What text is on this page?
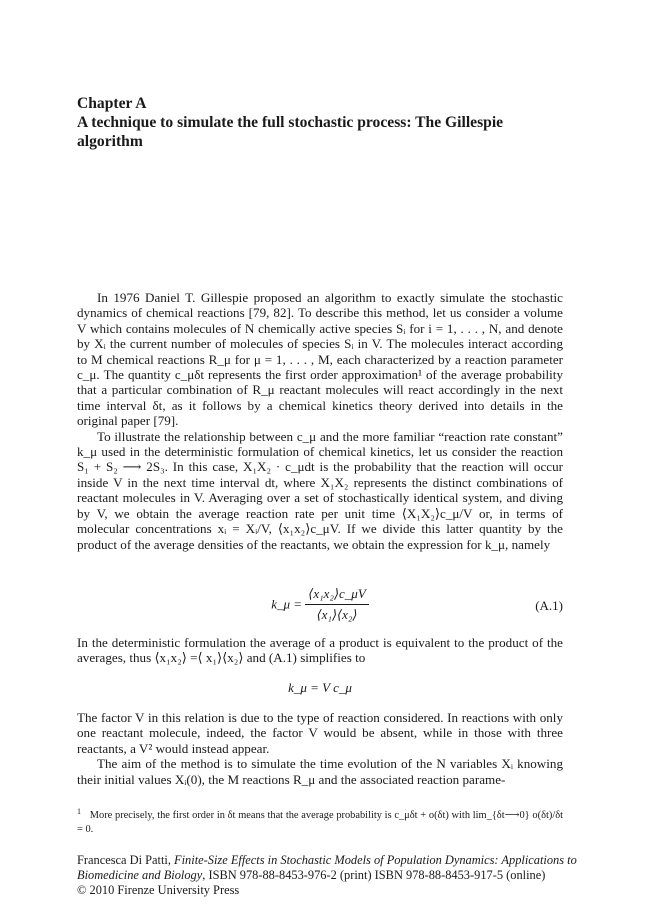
Chapter A
A technique to simulate the full stochastic process: The Gillespie
algorithm

In 1976 Daniel T. Gillespie proposed an algorithm to exactly simulate the stochastic dynamics of chemical reactions [79, 82]. To describe this method, let us consider a volume V which contains molecules of N chemically active species Sᵢ for i = 1, . . . , N, and denote by Xᵢ the current number of molecules of species Sᵢ in V. The molecules interact according to M chemical reactions R_μ for μ = 1, . . . , M, each characterized by a reaction parameter c_μ. The quantity c_μδt represents the first order approximation¹ of the average probability that a particular combination of R_μ reactant molecules will react accordingly in the next time interval δt, as it follows by a chemical kinetics theory derived into details in the original paper [79].

To illustrate the relationship between c_μ and the more familiar “reaction rate constant” k_μ used in the deterministic formulation of chemical kinetics, let us consider the reaction S₁ + S₂ ⟶ 2S₃. In this case, X₁X₂ · c_μdt is the probability that the reaction will occur inside V in the next time interval dt, where X₁X₂ represents the distinct combinations of reactant molecules in V. Averaging over a set of stochastically identical system, and diving by V, we obtain the average reaction rate per unit time ⟨X₁X₂⟩c_μ/V or, in terms of molecular concentrations xᵢ = Xᵢ/V, ⟨x₁x₂⟩c_μV. If we divide this latter quantity by the product of the average densities of the reactants, we obtain the expression for k_μ, namely

k_μ = $\frac{\text{⟨x₁x₂⟩c\_μV}}{\text{⟨x₁⟩⟨x₂⟩}}$	(A.1)

In the deterministic formulation the average of a product is equivalent to the product of the averages, thus ⟨x₁x₂⟩ =⟨ x₁⟩⟨x₂⟩ and (A.1) simplifies to

k_μ = V c_μ

The factor V in this relation is due to the type of reaction considered. In reactions with only one reactant molecule, indeed, the factor V would be absent, while in those with three reactants, a V² would instead appear.

The aim of the method is to simulate the time evolution of the N variables Xᵢ knowing their initial values Xᵢ(0), the M reactions R_μ and the associated reaction parame-

$^1$ More precisely, the first order in δt means that the average probability is c_μδt + o(δt) with lim_{δt⟶0} o(δt)/δt = 0.
Francesca Di Patti, Finite-Size Effects in Stochastic Models of Population Dynamics: Applications to Biomedicine and Biology, ISBN 978-88-8453-976-2 (print) ISBN 978-88-8453-917-5 (online)
© 2010 Firenze University Press
